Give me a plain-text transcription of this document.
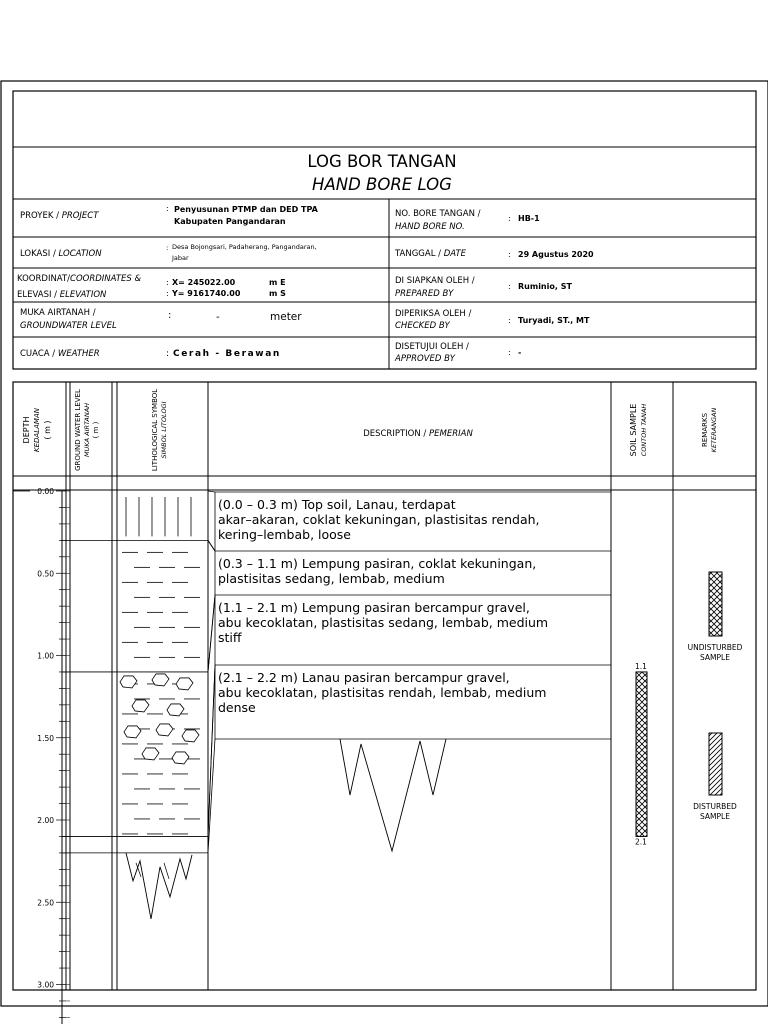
LOG BOR TANGAN
HAND BORE LOG
PROYEK / PROJECT
: Penyusunan PTMP dan DED TPA
Kabupaten Pangandaran
LOKASI / LOCATION
: Desa Bojongsari, Padaherang, Pangandaran,
Jabar
KOORDINAT/COORDINATES &
ELEVASI / ELEVATION
:
:
X= 245022.00	m E
Y= 9161740.00	m S
MUKA AIRTANAH /
GROUNDWATER LEVEL
:	-	meter
CUACA / WEATHER	: Cerah - Berawan
NO. BORE TANGAN /
HAND BORE NO.
: HB-1
TANGGAL / DATE	: 29 Agustus 2020
DI SIAPKAN OLEH /
PREPARED BY
: Ruminio, ST
DIPERIKSA OLEH /
CHECKED BY
: Turyadi, ST., MT
DISETUJUI OLEH /
APPROVED BY
: -
DEPTH KEDALAMAN ( m )	GROUND WATER LEVEL MUKA AIRTANAH ( m )	LITHOLOGICAL SYMBOL SIMBOL LITOLOGI	DESCRIPTION / PEMERIAN	SOIL SAMPLE CONTOH TANAH	REMARKS KETERANGAN
0.00
0.50
1.00
1.50
2.00
2.50
3.00
(0.0 – 0.3 m) Top soil, Lanau, terdapat
akar–akaran, coklat kekuningan, plastisitas rendah,
kering–lembab, loose
(0.3 – 1.1 m) Lempung pasiran, coklat kekuningan,
plastisitas sedang, lembab, medium
(1.1 – 2.1 m) Lempung pasiran bercampur gravel,
abu kecoklatan, plastisitas sedang, lembab, medium
stiff
(2.1 – 2.2 m) Lanau pasiran bercampur gravel,
abu kecoklatan, plastisitas rendah, lembab, medium
dense
1.1
2.1
UNDISTURBED
SAMPLE
DISTURBED
SAMPLE
